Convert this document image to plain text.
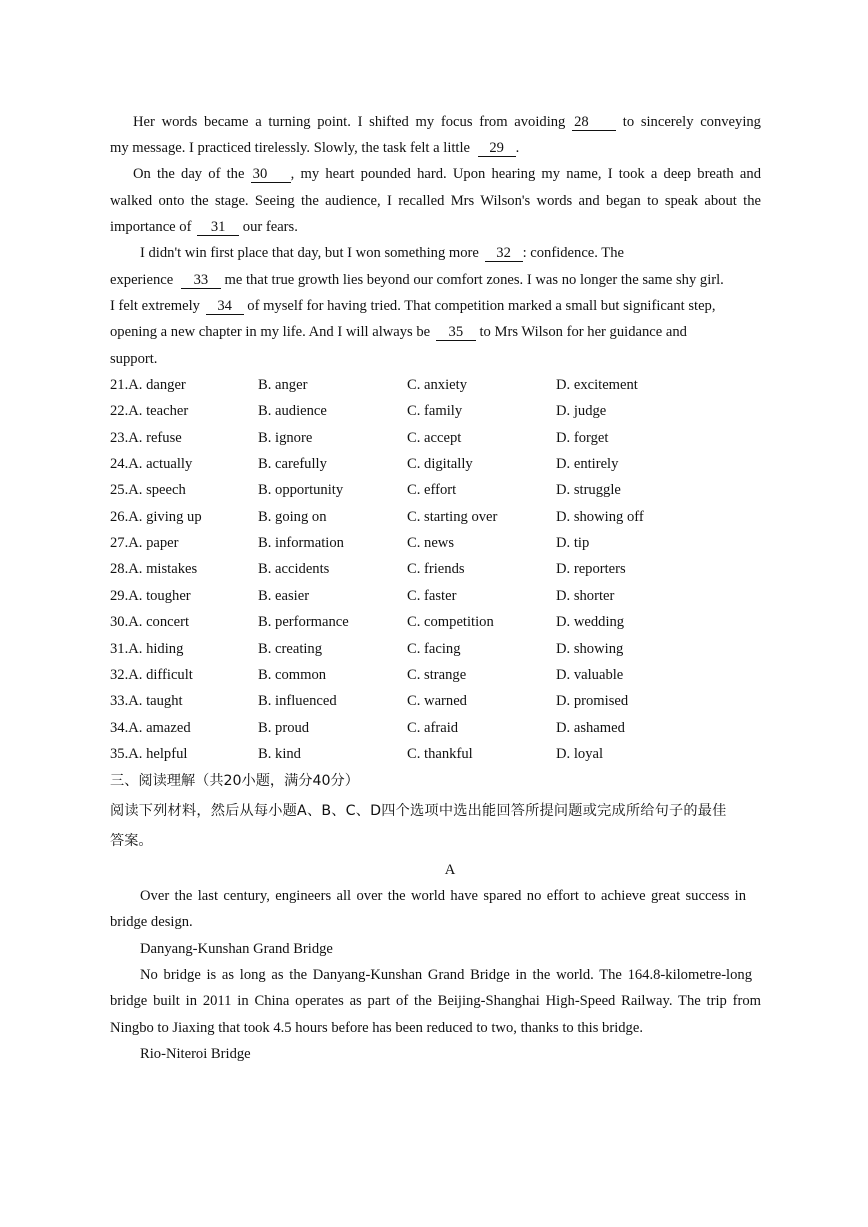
Her words became a turning point. I shifted my focus from avoiding 28 to sincerely conveying
my message. I practiced tirelessly. Slowly, the task felt a little 29 .
On the day of the 30 , my heart pounded hard. Upon hearing my name, I took a deep breath and
walked onto the stage. Seeing the audience, I recalled Mrs Wilson's words and began to speak about the
importance of 31 our fears.
I didn't win first place that day, but I won something more 32 : confidence. The
experience 33 me that true growth lies beyond our comfort zones. I was no longer the same shy girl.
I felt extremely 34 of myself for having tried. That competition marked a small but significant step,
opening a new chapter in my life. And I will always be 35 to Mrs Wilson for her guidance and
support.
21.A. danger	B. anger	C. anxiety	D. excitement
22.A. teacher	B. audience	C. family	D. judge
23.A. refuse	B. ignore	C. accept	D. forget
24.A. actually	B. carefully	C. digitally	D. entirely
25.A. speech	B. opportunity	C. effort	D. struggle
26.A. giving up	B. going on	C. starting over	D. showing off
27.A. paper	B. information	C. news	D. tip
28.A. mistakes	B. accidents	C. friends	D. reporters
29.A. tougher	B. easier	C. faster	D. shorter
30.A. concert	B. performance	C. competition	D. wedding
31.A. hiding	B. creating	C. facing	D. showing
32.A. difficult	B. common	C. strange	D. valuable
33.A. taught	B. influenced	C. warned	D. promised
34.A. amazed	B. proud	C. afraid	D. ashamed
35.A. helpful	B. kind	C. thankful	D. loyal
三、阅读理解（共20小题，满分40分）
阅读下列材料，然后从每小题A、B、C、D四个选项中选出能回答所提问题或完成所给句子的最佳
答案。
A
Over the last century, engineers all over the world have spared no effort to achieve great success in
bridge design.
Danyang-Kunshan Grand Bridge
No bridge is as long as the Danyang-Kunshan Grand Bridge in the world. The 164.8-kilometre-long
bridge built in 2011 in China operates as part of the Beijing-Shanghai High-Speed Railway. The trip from
Ningbo to Jiaxing that took 4.5 hours before has been reduced to two, thanks to this bridge.
Rio-Niteroi Bridge
